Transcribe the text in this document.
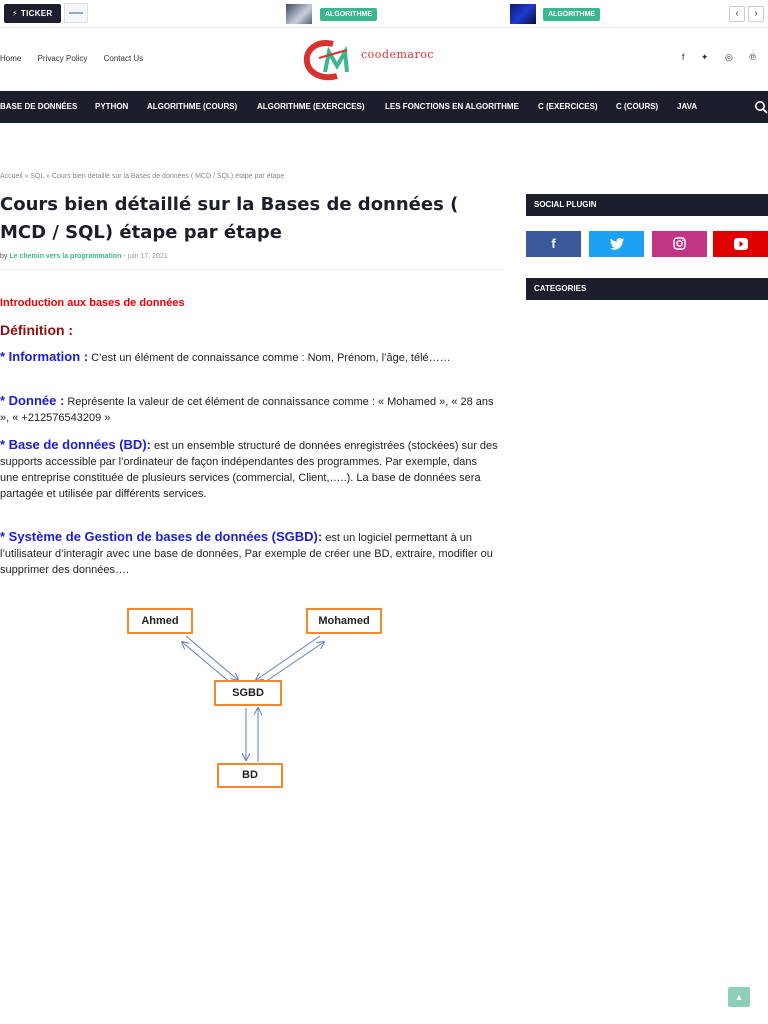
⚡ TICKER	ALGORITHME	ALGORITHME	‹	›
Home Privacy Policy Contact Us	coodemaroc	f ✦ ◎ ℗
BASE DE DONNÉES PYTHON ALGORITHME (COURS) ALGORITHME (EXERCICES)	LES FONCTIONS EN ALGORITHME C (EXERCICES) C (COURS) JAVA
Accueil » SQL » Cours bien détaillé sur la Bases de données ( MCD / SQL) étape par étape
Cours bien détaillé sur la Bases de données ( MCD / SQL) étape par étape
by Le chemin vers la programmation - juin 17, 2021
Introduction aux bases de données
Définition :

* Information : C’est un élément de connaissance comme : Nom, Prénom, l’âge, télé……

* Donnée : Représente la valeur de cet élément de connaissance comme : « Mohamed », « 28 ans », « +212576543209 »

* Base de données (BD): est un ensemble structuré de données enregistrées (stockées) sur des supports accessible par l’ordinateur de façon indépendantes des programmes. Par exemple, dans une entreprise constituée de plusieurs services (commercial, Client,…..). La base de données sera partagée et utilisée par différents services.

* Système de Gestion de bases de données (SGBD): est un logiciel permettant à un l’utilisateur d’interagir avec une base de données, Par exemple de créer une BD, extraire, modifier ou supprimer des données….

Ahmed	Mohamed
SGBD
BD
SOCIAL PLUGIN
f
CATEGORIES
▲
